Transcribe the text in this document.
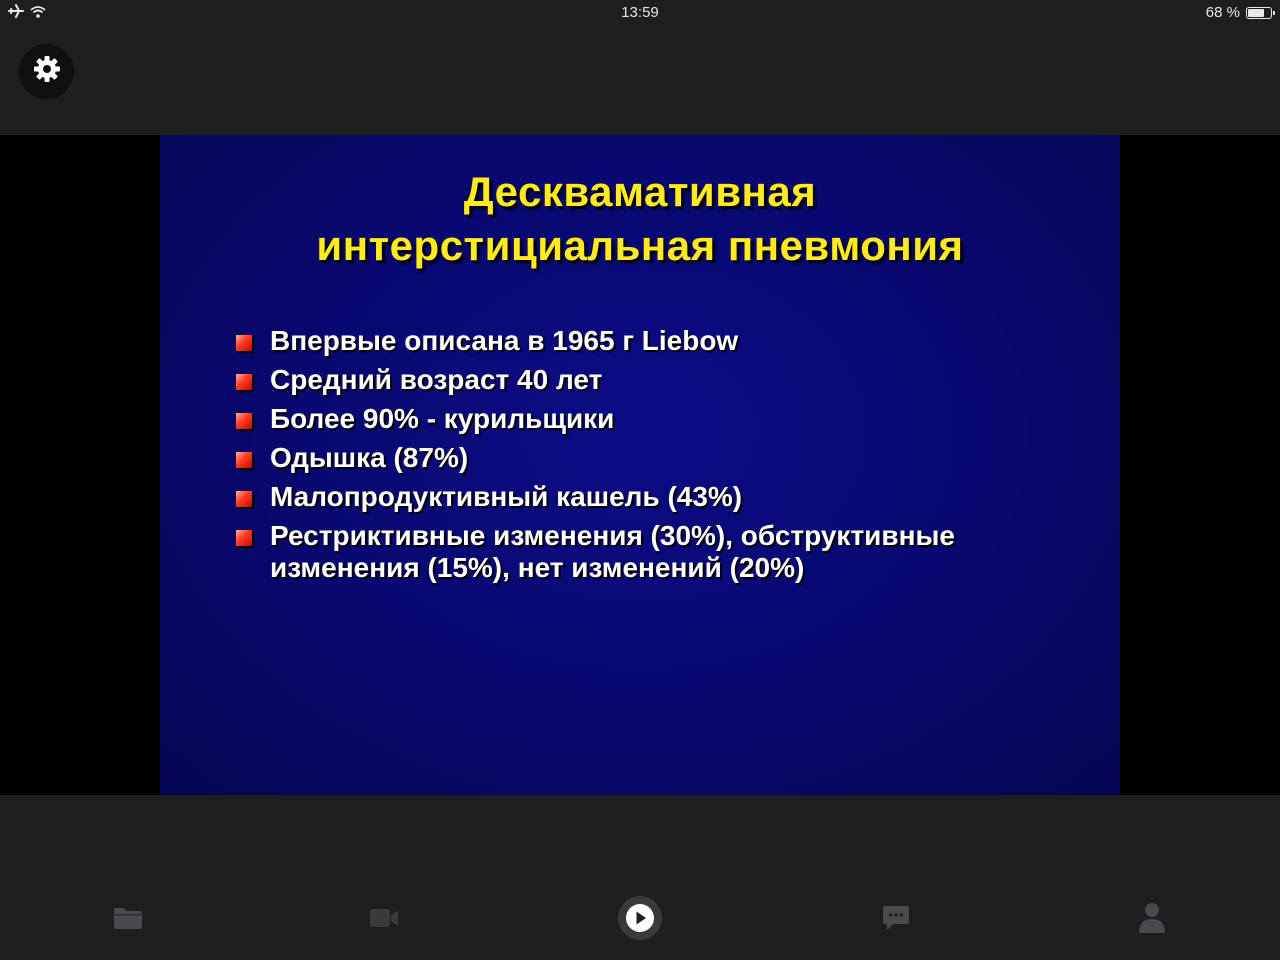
13:59	68 %
Десквамативная
интерстициальная пневмония
Впервые описана в 1965 г Liebow
Средний возраст 40 лет
Более 90% - курильщики
Одышка (87%)
Малопродуктивный кашель (43%)
Рестриктивные изменения (30%), обструктивные изменения (15%), нет изменений (20%)
